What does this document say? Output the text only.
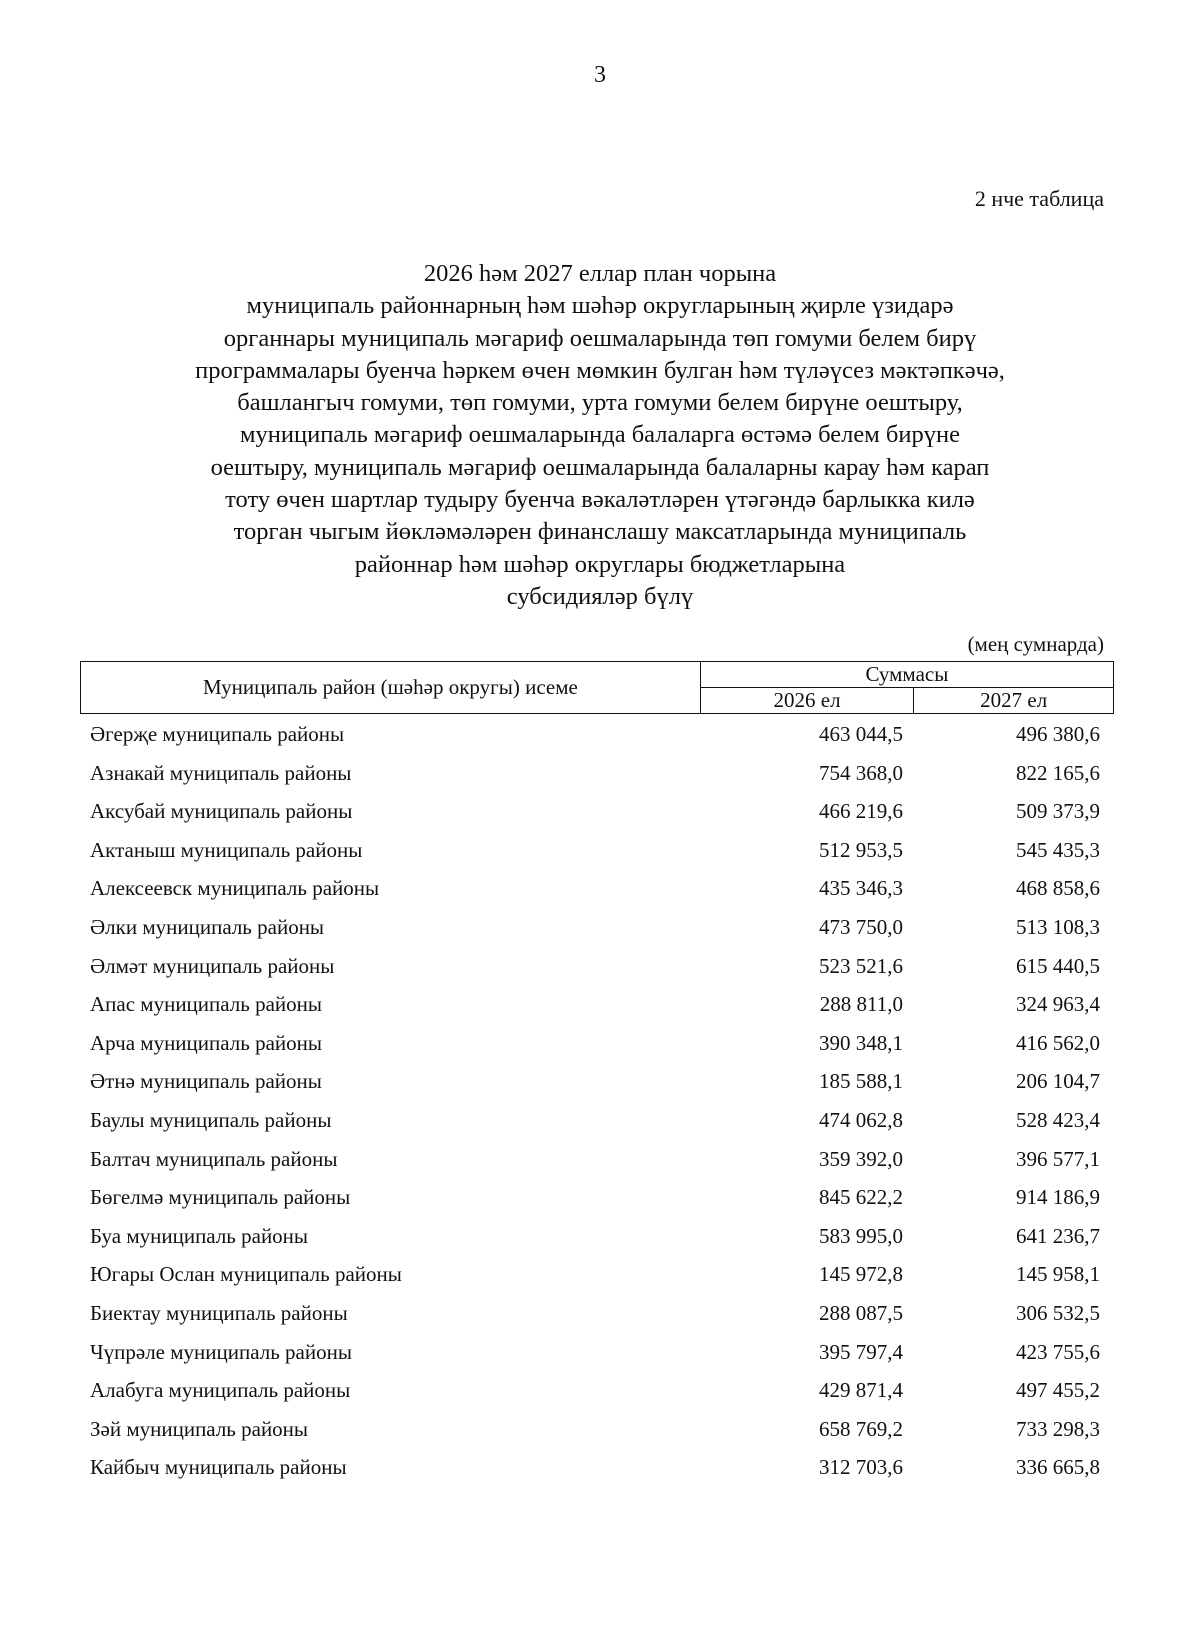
3
2 нче таблица
2026 һәм 2027 еллар план чорына
муниципаль районнарның һәм шәһәр округларының җирле үзидарә
органнары муниципаль мәгариф оешмаларында төп гомуми белем бирү
программалары буенча һәркем өчен мөмкин булган һәм түләүсез мәктәпкәчә,
башлангыч гомуми, төп гомуми, урта гомуми белем бирүне оештыру,
муниципаль мәгариф оешмаларында балаларга өстәмә белем бирүне
оештыру, муниципаль мәгариф оешмаларында балаларны карау һәм карап
тоту өчен шартлар тудыру буенча вәкаләтләрен үтәгәндә барлыкка килә
торган чыгым йөкләмәләрен финанслашу максатларында муниципаль
районнар һәм шәһәр округлары бюджетларына
субсидияләр бүлү
(мең сумнарда)
Муниципаль район (шәһәр округы) исеме	Суммасы	
	2026 ел	2027 ел
Әгерҗе муниципаль районы	463 044,5	496 380,6
Азнакай муниципаль районы	754 368,0	822 165,6
Аксубай муниципаль районы	466 219,6	509 373,9
Актаныш муниципаль районы	512 953,5	545 435,3
Алексеевск муниципаль районы	435 346,3	468 858,6
Әлки муниципаль районы	473 750,0	513 108,3
Әлмәт муниципаль районы	523 521,6	615 440,5
Апас муниципаль районы	288 811,0	324 963,4
Арча муниципаль районы	390 348,1	416 562,0
Әтнә муниципаль районы	185 588,1	206 104,7
Баулы муниципаль районы	474 062,8	528 423,4
Балтач муниципаль районы	359 392,0	396 577,1
Бөгелмә муниципаль районы	845 622,2	914 186,9
Буа муниципаль районы	583 995,0	641 236,7
Югары Ослан муниципаль районы	145 972,8	145 958,1
Биектау муниципаль районы	288 087,5	306 532,5
Чүпрәле муниципаль районы	395 797,4	423 755,6
Алабуга муниципаль районы	429 871,4	497 455,2
Зәй муниципаль районы	658 769,2	733 298,3
Кайбыч муниципаль районы	312 703,6	336 665,8
